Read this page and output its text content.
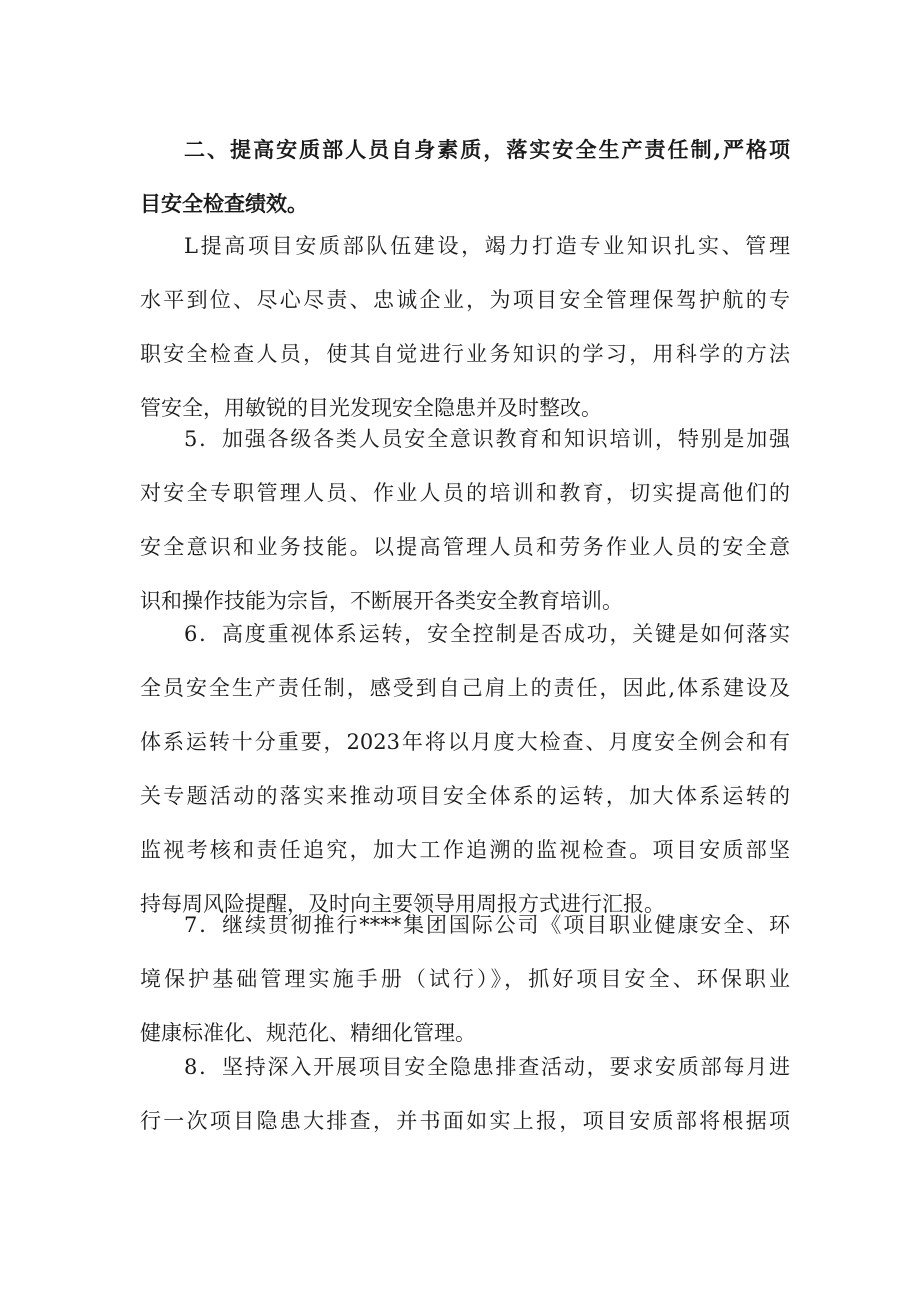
二、提高安质部人员自身素质，落实安全生产责任制,严格项
目安全检查绩效。
L提高项目安质部队伍建设，竭力打造专业知识扎实、管理
水平到位、尽心尽责、忠诚企业，为项目安全管理保驾护航的专
职安全检查人员，使其自觉进行业务知识的学习，用科学的方法
管安全，用敏锐的目光发现安全隐患并及时整改。
5．加强各级各类人员安全意识教育和知识培训，特别是加强
对安全专职管理人员、作业人员的培训和教育，切实提高他们的
安全意识和业务技能。以提高管理人员和劳务作业人员的安全意
识和操作技能为宗旨，不断展开各类安全教育培训。
6．高度重视体系运转，安全控制是否成功，关键是如何落实
全员安全生产责任制，感受到自己肩上的责任，因此,体系建设及
体系运转十分重要，2023年将以月度大检查、月度安全例会和有
关专题活动的落实来推动项目安全体系的运转，加大体系运转的
监视考核和责任追究，加大工作追溯的监视检查。项目安质部坚
持每周风险提醒，及时向主要领导用周报方式进行汇报。
7．继续贯彻推行****集团国际公司《项目职业健康安全、环
境保护基础管理实施手册（试行）》，抓好项目安全、环保职业
健康标准化、规范化、精细化管理。
8．坚持深入开展项目安全隐患排查活动，要求安质部每月进
行一次项目隐患大排查，并书面如实上报，项目安质部将根据项
